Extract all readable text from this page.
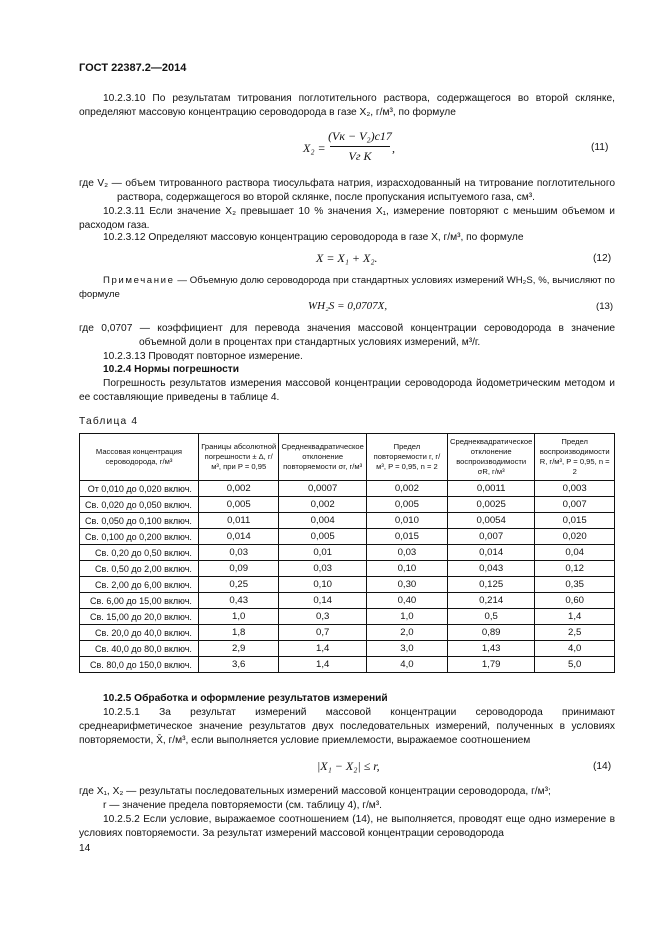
ГОСТ 22387.2—2014
10.2.3.10 По результатам титрования поглотительного раствора, содержащегося во второй склянке, определяют массовую концентрацию сероводорода в газе X₂, г/м³, по формуле
X₂ =
(Vк − V₂)c17
Vг K
,	(11)
где V₂ — объем титрованного раствора тиосульфата натрия, израсходованный на титрование поглотительного раствора, содержащегося во второй склянке, после пропускания испытуемого газа, см³.
10.2.3.11 Если значение X₂ превышает 10 % значения X₁, измерение повторяют с меньшим объемом и расходом газа.
10.2.3.12 Определяют массовую концентрацию сероводорода в газе X, г/м³, по формуле
X = X₁ + X₂.	(12)
Примечание — Объемную долю сероводорода при стандартных условиях измерений WH₂S, %, вычисляют по формуле
WH₂S = 0,0707X,	(13)
где 0,0707 — коэффициент для перевода значения массовой концентрации сероводорода в значение объемной доли в процентах при стандартных условиях измерений, м³/г.
10.2.3.13 Проводят повторное измерение.
10.2.4 Нормы погрешности
Погрешность результатов измерения массовой концентрации сероводорода йодометрическим методом и ее составляющие приведены в таблице 4.
Таблица 4
Массовая концентрация сероводорода, г/м³	Границы абсолютной погрешности ± Δ, г/м³, при P = 0,95	Среднеквадратическое отклонение повторяемости σr, г/м³	Предел повторяемости r, г/м³, P = 0,95, n = 2	Среднеквадратическое отклонение воспроизводимости σR, г/м³	Предел воспроизводимости R, г/м³, P = 0,95, n = 2
От 0,010 до 0,020 включ.	0,002	0,0007	0,002	0,0011	0,003
Св. 0,020 до 0,050 включ.	0,005	0,002	0,005	0,0025	0,007
Св. 0,050 до 0,100 включ.	0,011	0,004	0,010	0,0054	0,015
Св. 0,100 до 0,200 включ.	0,014	0,005	0,015	0,007	0,020
Св. 0,20 до 0,50 включ.	0,03	0,01	0,03	0,014	0,04
Св. 0,50 до 2,00 включ.	0,09	0,03	0,10	0,043	0,12
Св. 2,00 до 6,00 включ.	0,25	0,10	0,30	0,125	0,35
Св. 6,00 до 15,00 включ.	0,43	0,14	0,40	0,214	0,60
Св. 15,00 до 20,0 включ.	1,0	0,3	1,0	0,5	1,4
Св. 20,0 до 40,0 включ.	1,8	0,7	2,0	0,89	2,5
Св. 40,0 до 80,0 включ.	2,9	1,4	3,0	1,43	4,0
Св. 80,0 до 150,0 включ.	3,6	1,4	4,0	1,79	5,0
10.2.5 Обработка и оформление результатов измерений
10.2.5.1 За результат измерений массовой концентрации сероводорода принимают среднеарифметическое значение результатов двух последовательных измерений, полученных в условиях повторяемости, X̄, г/м³, если выполняется условие приемлемости, выражаемое соотношением
|X₁ − X₂| ≤ r,	(14)
где X₁, X₂ — результаты последовательных измерений массовой концентрации сероводорода, г/м³;
r — значение предела повторяемости (см. таблицу 4), г/м³.
10.2.5.2 Если условие, выражаемое соотношением (14), не выполняется, проводят еще одно измерение в условиях повторяемости. За результат измерений массовой концентрации сероводорода
14
